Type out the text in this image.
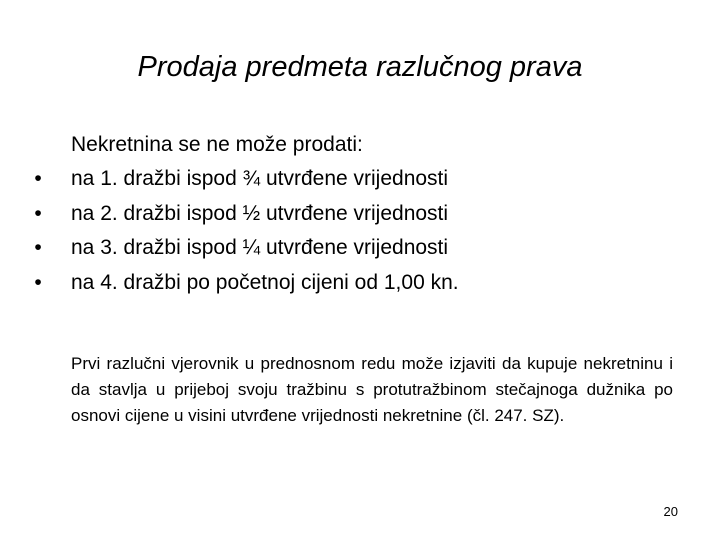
Prodaja predmeta razlučnog prava

Nekretnina se ne može prodati:

•	na 1. dražbi ispod ¾ utvrđene vrijednosti
•	na 2. dražbi ispod ½ utvrđene vrijednosti
•	na 3. dražbi ispod ¼ utvrđene vrijednosti
•	na 4. dražbi po početnoj cijeni od 1,00 kn.

Prvi razlučni vjerovnik u prednosnom redu može izjaviti da kupuje nekretninu i da stavlja u prijeboj svoju tražbinu s protutražbinom stečajnoga dužnika po osnovi cijene u visini utvrđene vrijednosti nekretnine (čl. 247. SZ).

20
